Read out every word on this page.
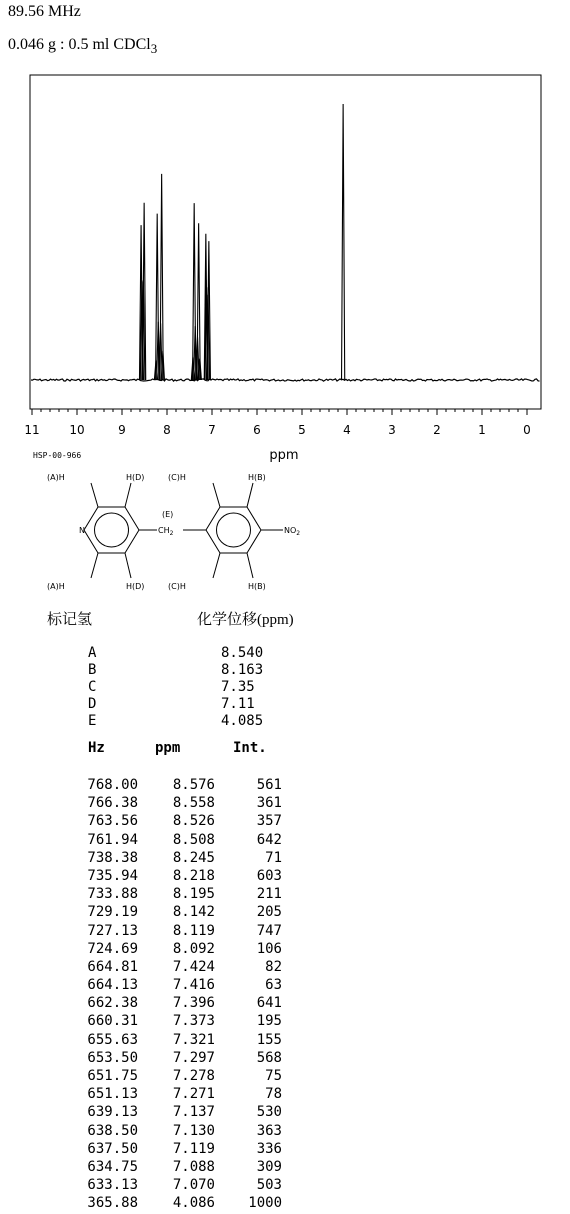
89.56 MHz
0.046 g : 0.5 ml CDCl$_3$
11 10	9	8	7	6	5	4	3	2	1	0
ppm
HSP-00-966
(A)H	H(D)	(C)H	H(B)
(A)H	H(D)	(C)H	H(B)
(E)
N	$CH_2$	$NO_2$
标记氢	化学位移(ppm)
A	8.540
B	8.163
C	7.35
D	7.11
E	4.085
Hz	ppm	Int.
768.00	8.576	561
766.38	8.558	361
763.56	8.526	357
761.94	8.508	642
738.38	8.245	71
735.94	8.218	603
733.88	8.195	211
729.19	8.142	205
727.13	8.119	747
724.69	8.092	106
664.81	7.424	82
664.13	7.416	63
662.38	7.396	641
660.31	7.373	195
655.63	7.321	155
653.50	7.297	568
651.75	7.278	75
651.13	7.271	78
639.13	7.137	530
638.50	7.130	363
637.50	7.119	336
634.75	7.088	309
633.13	7.070	503
365.88	4.086	1000
